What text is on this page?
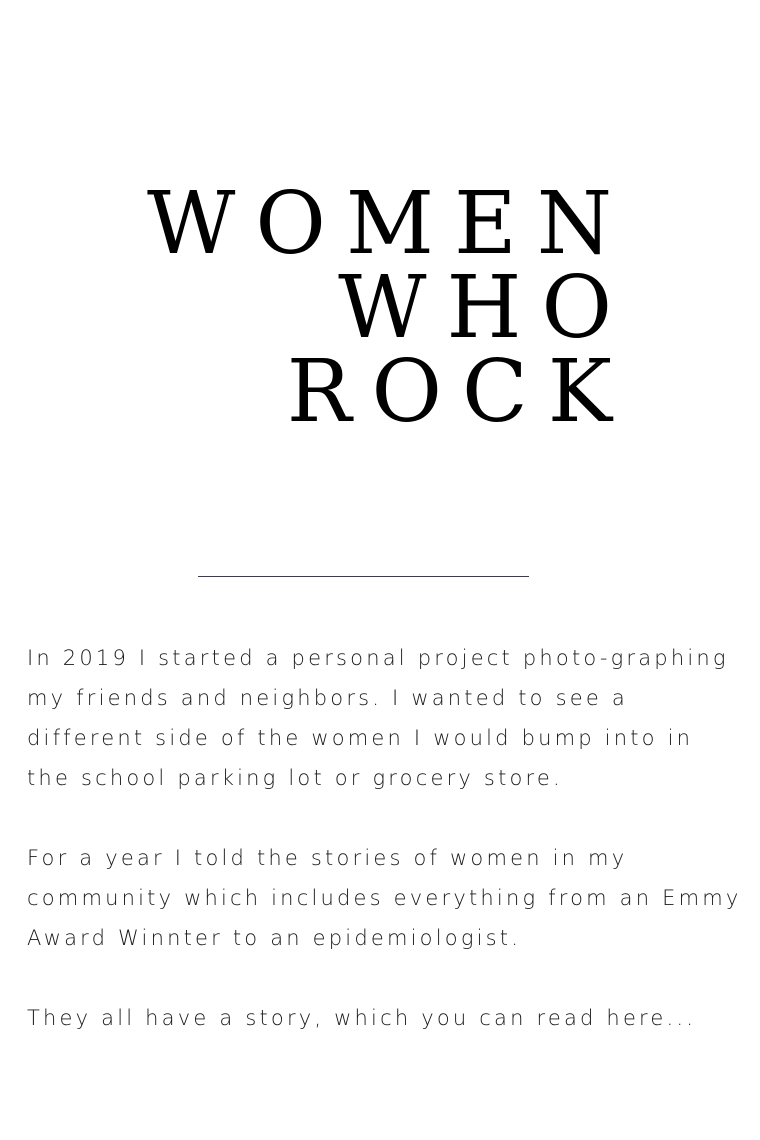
WOMEN
WHO
ROCK

In 2019 I started a personal project photo-graphing my friends and neighbors. I wanted to see a different side of the women I would bump into in the school parking lot or grocery store.

For a year I told the stories of women in my community which includes everything from an Emmy Award Winnter to an epidemiologist.

They all have a story, which you can read here...
